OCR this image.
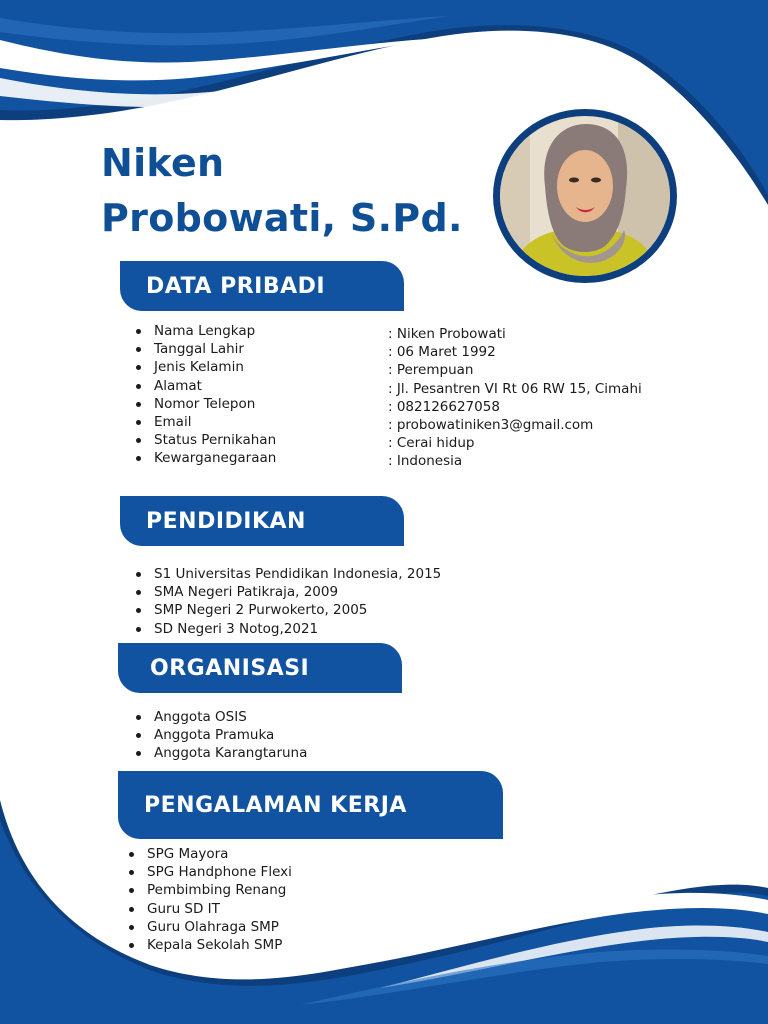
Niken
Probowati, S.Pd.
DATA PRIBADI
Nama Lengkap
Tanggal Lahir
Jenis Kelamin
Alamat
Nomor Telepon
Email
Status Pernikahan
Kewarganegaraan
: Niken Probowati
: 06 Maret 1992
: Perempuan
: Jl. Pesantren VI Rt 06 RW 15, Cimahi
: 082126627058
: probowatiniken3@gmail.com
: Cerai hidup
: Indonesia
PENDIDIKAN
S1 Universitas Pendidikan Indonesia, 2015
SMA Negeri Patikraja, 2009
SMP Negeri 2 Purwokerto, 2005
SD Negeri 3 Notog,2021
ORGANISASI
Anggota OSIS
Anggota Pramuka
Anggota Karangtaruna
PENGALAMAN KERJA
SPG Mayora
SPG Handphone Flexi
Pembimbing Renang
Guru SD IT
Guru Olahraga SMP
Kepala Sekolah SMP
